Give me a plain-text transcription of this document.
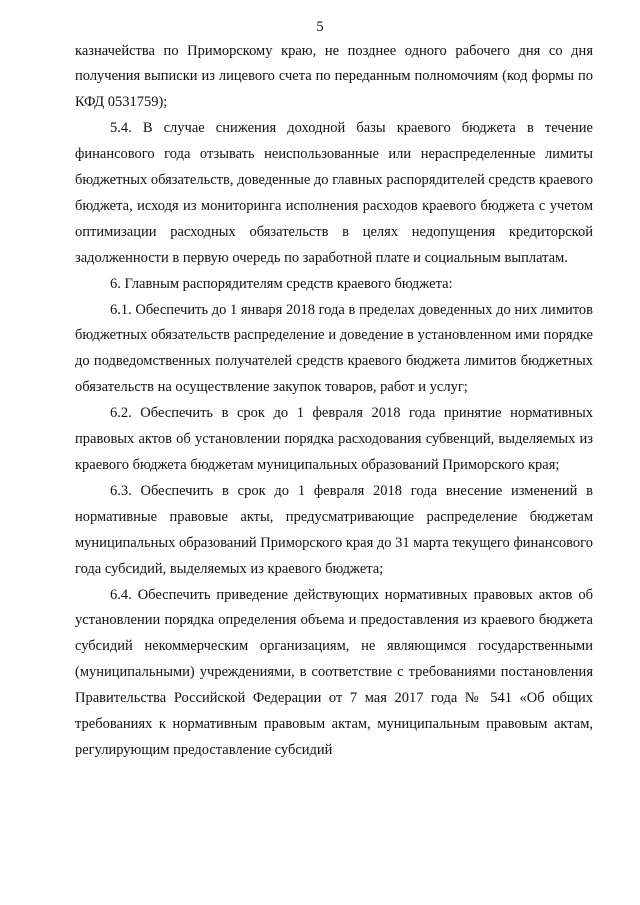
5

казначейства по Приморскому краю, не позднее одного рабочего дня со дня получения выписки из лицевого счета по переданным полномочиям (код формы по КФД 0531759);

5.4. В случае снижения доходной базы краевого бюджета в течение финансового года отзывать неиспользованные или нераспределенные лимиты бюджетных обязательств, доведенные до главных распорядителей средств краевого бюджета, исходя из мониторинга исполнения расходов краевого бюджета с учетом оптимизации расходных обязательств в целях недопущения кредиторской задолженности в первую очередь по заработной плате и социальным выплатам.

6. Главным распорядителям средств краевого бюджета:

6.1. Обеспечить до 1 января 2018 года в пределах доведенных до них лимитов бюджетных обязательств распределение и доведение в установленном ими порядке до подведомственных получателей средств краевого бюджета лимитов бюджетных обязательств на осуществление закупок товаров, работ и услуг;

6.2. Обеспечить в срок до 1 февраля 2018 года принятие нормативных правовых актов об установлении порядка расходования субвенций, выделяемых из краевого бюджета бюджетам муниципальных образований Приморского края;

6.3. Обеспечить в срок до 1 февраля 2018 года внесение изменений в нормативные правовые акты, предусматривающие распределение бюджетам муниципальных образований Приморского края до 31 марта текущего финансового года субсидий, выделяемых из краевого бюджета;

6.4. Обеспечить приведение действующих нормативных правовых актов об установлении порядка определения объема и предоставления из краевого бюджета субсидий некоммерческим организациям, не являющимся государственными (муниципальными) учреждениями, в соответствие с требованиями постановления Правительства Российской Федерации от 7 мая 2017 года № 541 «Об общих требованиях к нормативным правовым актам, муниципальным правовым актам, регулирующим предоставление субсидий
